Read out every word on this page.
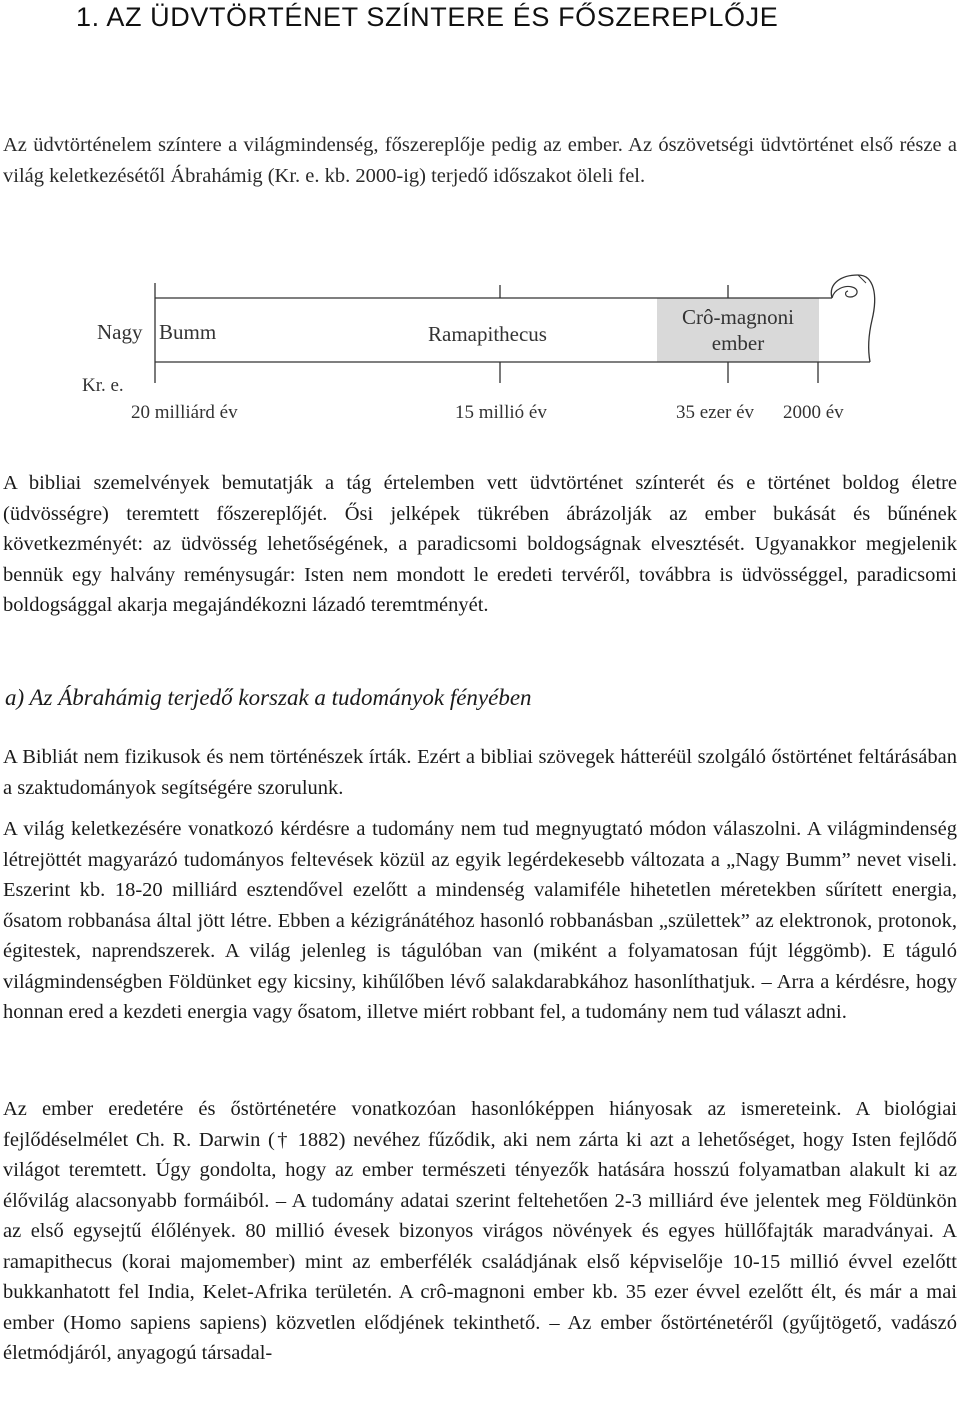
1. AZ ÜDVTÖRTÉNET SZÍNTERE ÉS FŐSZEREPLŐJE

Az üdvtörténelem színtere a világmindenség, főszereplője pedig az ember. Az ószövetségi üdvtörténet első része a világ keletkezésétől Ábrahámig (Kr. e. kb. 2000-ig) terjedő időszakot öleli fel.

Nagy Bumm	Ramapithecus
Crô-magnoni
ember
Kr. e.
20 milliárd év	15 millió év	35 ezer év 2000 év

A bibliai szemelvények bemutatják a tág értelemben vett üdvtörténet színterét és e történet boldog életre (üdvösségre) teremtett főszereplőjét. Ősi jelképek tükrében ábrázolják az ember bukását és bűnének következményét: az üdvösség lehetőségének, a paradicsomi boldogságnak elvesztését. Ugyanakkor megjelenik bennük egy halvány reménysugár: Isten nem mondott le eredeti tervéről, továbbra is üdvösséggel, paradicsomi boldogsággal akarja megajándékozni lázadó teremtményét.

a) Az Ábrahámig terjedő korszak a tudományok fényében

A Bibliát nem fizikusok és nem történészek írták. Ezért a bibliai szövegek hátteréül szolgáló őstörténet feltárásában a szaktudományok segítségére szorulunk.

A világ keletkezésére vonatkozó kérdésre a tudomány nem tud megnyugtató módon válaszolni. A világmindenség létrejöttét magyarázó tudományos feltevések közül az egyik legérdekesebb változata a „Nagy Bumm” nevet viseli. Eszerint kb. 18-20 milliárd esztendővel ezelőtt a mindenség valamiféle hihetetlen méretekben sűrített energia, ősatom robbanása által jött létre. Ebben a kézigránátéhoz hasonló robbanásban „születtek” az elektronok, protonok, égitestek, naprendszerek. A világ jelenleg is tágulóban van (miként a folyamatosan fújt léggömb). E táguló világmindenségben Földünket egy kicsiny, kihűlőben lévő salakdarabkához hasonlíthatjuk. – Arra a kérdésre, hogy honnan ered a kezdeti energia vagy ősatom, illetve miért robbant fel, a tudomány nem tud választ adni.

Az ember eredetére és őstörténetére vonatkozóan hasonlóképpen hiányosak az ismereteink. A biológiai fejlődéselmélet Ch. R. Darwin († 1882) nevéhez fűződik, aki nem zárta ki azt a lehetőséget, hogy Isten fejlődő világot teremtett. Úgy gondolta, hogy az ember természeti tényezők hatására hosszú folyamatban alakult ki az élővilág alacsonyabb formáiból. – A tudomány adatai szerint feltehetően 2-3 milliárd éve jelentek meg Földünkön az első egysejtű élőlények. 80 millió évesek bizonyos virágos növények és egyes hüllőfajták maradványai. A ramapithecus (korai majomember) mint az emberfélék családjának első képviselője 10-15 millió évvel ezelőtt bukkanhatott fel India, Kelet-Afrika területén. A crô-magnoni ember kb. 35 ezer évvel ezelőtt élt, és már a mai ember (Homo sapiens sapiens) közvetlen elődjének tekinthető. – Az ember őstörténetéről (gyűjtögető, vadászó életmódjáról, anyagogú társadal-
